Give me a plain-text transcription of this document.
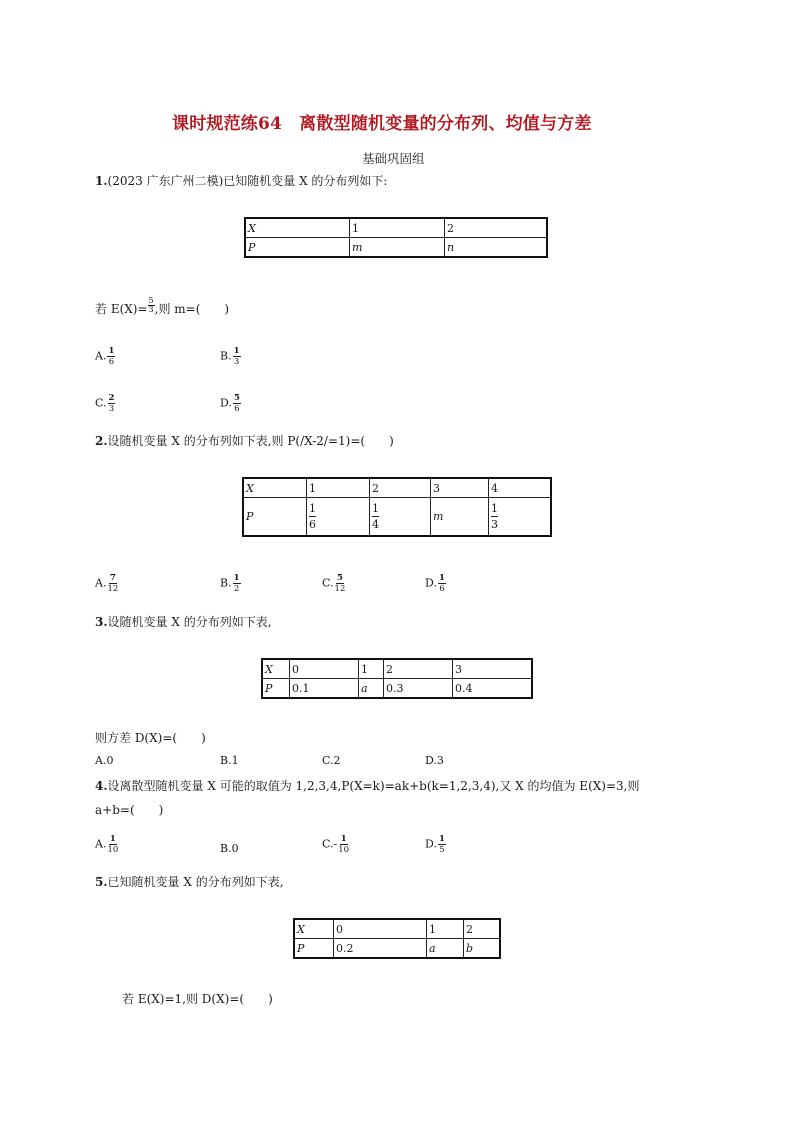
课时规范练64　离散型随机变量的分布列、均值与方差
基础巩固组
1.(2023 广东广州二模)已知随机变量 X 的分布列如下:
X	1	2
P	m	n
若 $E(X)= \frac{5}{3}$ ,则 m=(　　)
A. $\frac{1}{6}$	B. $\frac{1}{3}$
C. $\frac{2}{3}$	D. $\frac{5}{6}$
2.设随机变量 X 的分布列如下表,则 P(/X-2/=1)=(　　)
X	1	2	3	4
P	$\frac{1}{6}$	$\frac{1}{4}$	m	$\frac{1}{3}$
A. $\frac{7}{12}$	B. $\frac{1}{2}$	C. $\frac{5}{12}$	D. $\frac{1}{6}$
3.设随机变量 X 的分布列如下表,
X	0	1	2	3
P	0.1	a	0.3	0.4
则方差 D(X)=(　　)
A.0	B.1	C.2	D.3
4.设离散型随机变量 X 可能的取值为 1,2,3,4,P(X=k)=ak+b(k=1,2,3,4),又 X 的均值为 E(X)=3,则
a+b=(　　)
A. $\frac{1}{10}$	B.0	$C.- \frac{1}{10}$	D. $\frac{1}{5}$
5.已知随机变量 X 的分布列如下表,
X	0	1	2
P	0.2	a	b
若 E(X)=1,则 D(X)=(　　)
